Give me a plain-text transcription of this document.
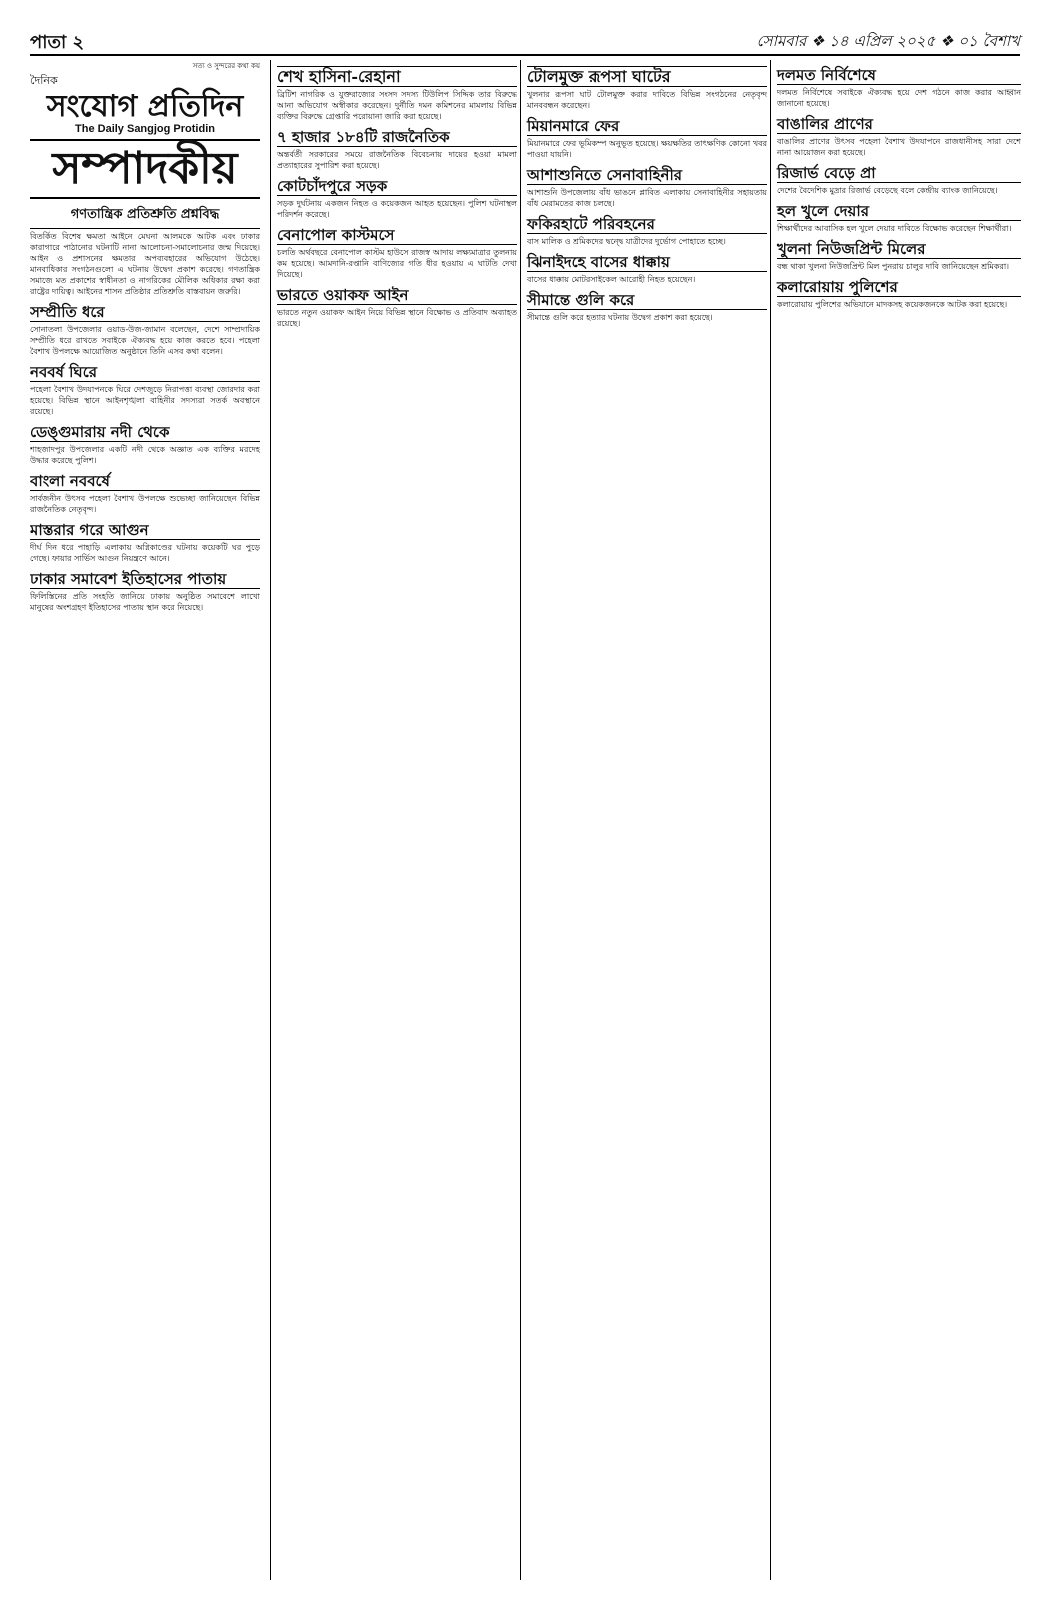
পাতা ২	সোমবার ❖ ১৪ এপ্রিল ২০২৫ ❖ ০১ বৈশাখ
সত্য ও সুন্দরের কথা কয়
দৈনিক
সংযোগ প্রতিদিন
The Daily Sangjog Protidin
সম্পাদকীয়
গণতান্ত্রিক প্রতিশ্রুতি প্রশ্নবিদ্ধ
বিতর্কিত বিশেষ ক্ষমতা আইনে মেঘনা আলমকে আটক এবং ঢাকার কারাগারে পাঠানোর ঘটনাটি নানা আলোচনা-সমালোচনার জন্ম দিয়েছে। আইন ও প্রশাসনের ক্ষমতার অপব্যবহারের অভিযোগ উঠেছে। মানবাধিকার সংগঠনগুলো এ ঘটনায় উদ্বেগ প্রকাশ করেছে। গণতান্ত্রিক সমাজে মত প্রকাশের স্বাধীনতা ও নাগরিকের মৌলিক অধিকার রক্ষা করা রাষ্ট্রের দায়িত্ব। আইনের শাসন প্রতিষ্ঠার প্রতিশ্রুতি বাস্তবায়ন জরুরি।
সম্প্রীতি ধরে
সোনাতলা উপজেলার ওয়াড-উজ-জামান বলেছেন, দেশে সাম্প্রদায়িক সম্প্রীতি ধরে রাখতে সবাইকে ঐক্যবদ্ধ হয়ে কাজ করতে হবে। পহেলা বৈশাখ উপলক্ষে আয়োজিত অনুষ্ঠানে তিনি এসব কথা বলেন।
নববর্ষ ঘিরে
পহেলা বৈশাখ উদযাপনকে ঘিরে দেশজুড়ে নিরাপত্তা ব্যবস্থা জোরদার করা হয়েছে। বিভিন্ন স্থানে আইনশৃঙ্খলা বাহিনীর সদস্যরা সতর্ক অবস্থানে রয়েছে।
ডেঙ্গুমারায় নদী থেকে
শাহজাদপুর উপজেলার একটি নদী থেকে অজ্ঞাত এক ব্যক্তির মরদেহ উদ্ধার করেছে পুলিশ।
বাংলা নববর্ষে
সার্বজনীন উৎসব পহেলা বৈশাখ উপলক্ষে শুভেচ্ছা জানিয়েছেন বিভিন্ন রাজনৈতিক নেতৃবৃন্দ।
মাস্তরার গরে আগুন
দীর্ঘ দিন ধরে পাহাড়ি এলাকায় অগ্নিকাণ্ডের ঘটনায় কয়েকটি ঘর পুড়ে গেছে। ফায়ার সার্ভিস আগুন নিয়ন্ত্রণে আনে।
ঢাকার সমাবেশ ইতিহাসের পাতায়
ফিলিস্তিনের প্রতি সংহতি জানিয়ে ঢাকায় অনুষ্ঠিত সমাবেশে লাখো মানুষের অংশগ্রহণ ইতিহাসের পাতায় স্থান করে নিয়েছে।
শেখ হাসিনা-রেহানা
ব্রিটিশ নাগরিক ও যুক্তরাজ্যের সংসদ সদস্য টিউলিপ সিদ্দিক তার বিরুদ্ধে আনা অভিযোগ অস্বীকার করেছেন। দুর্নীতি দমন কমিশনের মামলায় বিভিন্ন ব্যক্তির বিরুদ্ধে গ্রেপ্তারি পরোয়ানা জারি করা হয়েছে।
৭ হাজার ১৮৪টি রাজনৈতিক
অন্তর্বর্তী সরকারের সময়ে রাজনৈতিক বিবেচনায় দায়ের হওয়া মামলা প্রত্যাহারের সুপারিশ করা হয়েছে।
কোটচাঁদপুরে সড়ক
সড়ক দুর্ঘটনায় একজন নিহত ও কয়েকজন আহত হয়েছেন। পুলিশ ঘটনাস্থল পরিদর্শন করেছে।
বেনাপোল কাস্টমসে
চলতি অর্থবছরে বেনাপোল কাস্টম হাউসে রাজস্ব আদায় লক্ষ্যমাত্রার তুলনায় কম হয়েছে। আমদানি-রপ্তানি বাণিজ্যের গতি ধীর হওয়ায় এ ঘাটতি দেখা দিয়েছে।
ভারতে ওয়াকফ আইন
ভারতে নতুন ওয়াকফ আইন নিয়ে বিভিন্ন স্থানে বিক্ষোভ ও প্রতিবাদ অব্যাহত রয়েছে।
টোলমুক্ত রূপসা ঘাটের
খুলনার রূপসা ঘাট টোলমুক্ত করার দাবিতে বিভিন্ন সংগঠনের নেতৃবৃন্দ মানববন্ধন করেছেন।
মিয়ানমারে ফের
মিয়ানমারে ফের ভূমিকম্প অনুভূত হয়েছে। ক্ষয়ক্ষতির তাৎক্ষণিক কোনো খবর পাওয়া যায়নি।
আশাশুনিতে সেনাবাহিনীর
আশাশুনি উপজেলায় বাঁধ ভাঙনে প্লাবিত এলাকায় সেনাবাহিনীর সহায়তায় বাঁধ মেরামতের কাজ চলছে।
ফকিরহাটে পরিবহনের
বাস মালিক ও শ্রমিকদের দ্বন্দ্বে যাত্রীদের দুর্ভোগ পোহাতে হচ্ছে।
ঝিনাইদহে বাসের ধাক্কায়
বাসের ধাক্কায় মোটরসাইকেল আরোহী নিহত হয়েছেন।
সীমান্তে গুলি করে
সীমান্তে গুলি করে হত্যার ঘটনায় উদ্বেগ প্রকাশ করা হয়েছে।
দলমত নির্বিশেষে
দলমত নির্বিশেষে সবাইকে ঐক্যবদ্ধ হয়ে দেশ গঠনে কাজ করার আহ্বান জানানো হয়েছে।
বাঙালির প্রাণের
বাঙালির প্রাণের উৎসব পহেলা বৈশাখ উদযাপনে রাজধানীসহ সারা দেশে নানা আয়োজন করা হয়েছে।
রিজার্ভ বেড়ে প্রা
দেশের বৈদেশিক মুদ্রার রিজার্ভ বেড়েছে বলে কেন্দ্রীয় ব্যাংক জানিয়েছে।
হল খুলে দেয়ার
শিক্ষার্থীদের আবাসিক হল খুলে দেয়ার দাবিতে বিক্ষোভ করেছেন শিক্ষার্থীরা।
খুলনা নিউজপ্রিন্ট মিলের
বন্ধ থাকা খুলনা নিউজপ্রিন্ট মিল পুনরায় চালুর দাবি জানিয়েছেন শ্রমিকরা।
কলারোয়ায় পুলিশের
কলারোয়ায় পুলিশের অভিযানে মাদকসহ কয়েকজনকে আটক করা হয়েছে।
